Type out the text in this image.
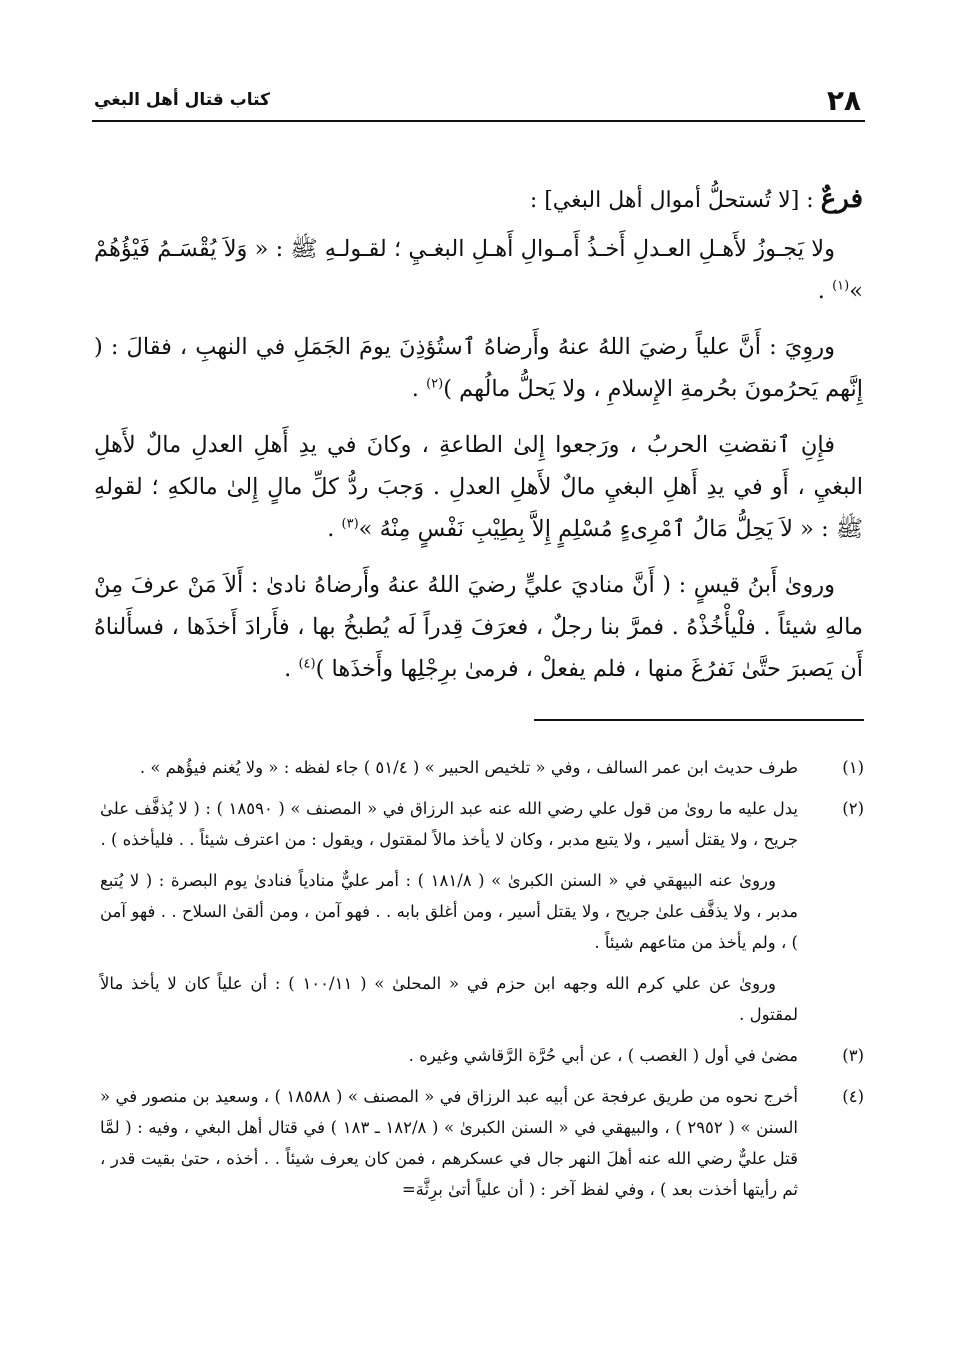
٢٨
كتاب قتال أهل البغي

فرعٌ : [لا تُستحلُّ أموال أهل البغي] :

ولا يَجـوزُ لأَهـلِ العـدلِ أَخـذُ أَمـوالِ أَهـلِ البغـيِ ؛ لقـولـهِ ﷺ : « وَلاَ يُقْسَـمُ فَيْؤُهُمْ »$^{(١)}$ .

وروِيَ : أَنَّ علياً رضيَ اللهُ عنهُ وأَرضاهُ ٱستُؤذِنَ يومَ الجَمَلِ في النهبِ ، فقالَ : ( إِنَّهم يَحرُمونَ بحُرمةِ الإِسلامِ ، ولا يَحلُّ مالُهم )$^{(٢)}$ .

فإِنِ ٱنقضتِ الحربُ ، ورَجعوا إِلىٰ الطاعةِ ، وكانَ في يدِ أَهلِ العدلِ مالٌ لأَهلِ البغيِ ، أَو في يدِ أَهلِ البغيِ مالٌ لأَهلِ العدلِ . وَجبَ ردُّ كلِّ مالٍ إِلىٰ مالكهِ ؛ لقولهِ ﷺ : « لاَ يَحِلُّ مَالُ ٱمْرِىءٍ مُسْلِمٍ إِلاَّ بِطِيْبِ نَفْسٍ مِنْهُ »$^{(٣)}$ .

وروىٰ أَبنُ قيسٍ : ( أَنَّ مناديَ عليٍّ رضيَ اللهُ عنهُ وأَرضاهُ نادىٰ : أَلاَ مَنْ عرفَ مِنْ مالهِ شيئاً . فلْيأْخُذْهُ . فمرَّ بنا رجلٌ ، فعرَفَ قِدراً لَه يُطبخُ بها ، فأَرادَ أَخذَها ، فسأَلناهُ أَن يَصبرَ حتَّىٰ نَفرُغَ منها ، فلم يفعلْ ، فرمىٰ برِجْلِها وأَخذَها )$^{(٤)}$ .

(١)
طرف حديث ابن عمر السالف ، وفي « تلخيص الحبير » ( ٥١/٤ ) جاء لفظه : « ولا يُغنم فيؤُهم » .
(٢)
يدل عليه ما رویٰ من قول علي رضي الله عنه عبد الرزاق في « المصنف » ( ١٨٥٩٠ ) : ( لا يُذفَّف علىٰ جريح ، ولا يقتل أسير ، ولا يتبع مدبر ، وكان لا يأخذ مالاً لمقتول ، ويقول : من اعترف شيئاً . . فليأخذه ) .
ورویٰ عنه البيهقي في « السنن الكبرىٰ » ( ١٨١/٨ ) : أمر عليٌّ منادياً فنادىٰ يوم البصرة : ( لا يُتبع مدبر ، ولا يذفَّف علىٰ جريح ، ولا يقتل أسير ، ومن أغلق بابه . . فهو آمن ، ومن ألقىٰ السلاح . . فهو آمن ) ، ولم يأخذ من متاعهم شيئاً .
ورویٰ عن علي كرم الله وجهه ابن حزم في « المحلىٰ » ( ١٠٠/١١ ) : أن علياً كان لا يأخذ مالاً لمقتول .
(٣)
مضىٰ في أول ( الغصب ) ، عن أبي حُرَّة الرَّقاشي وغيره .
(٤)
أخرج نحوه من طريق عرفجة عن أبيه عبد الرزاق في « المصنف » ( ١٨٥٨٨ ) ، وسعيد بن منصور في « السنن » ( ٢٩٥٢ ) ، والبيهقي في « السنن الكبرىٰ » ( ١٨٢/٨ ـ ١٨٣ ) في قتال أهل البغي ، وفيه : ( لمَّا قتل عليٌّ رضي الله عنه أهلَ النهر جال في عسكرهم ، فمن كان يعرف شيئاً . . أخذه ، حتىٰ بقيت قدر ، ثم رأيتها أخذت بعد ) ، وفي لفظ آخر : ( أن علياً أتىٰ برِثَّة=
